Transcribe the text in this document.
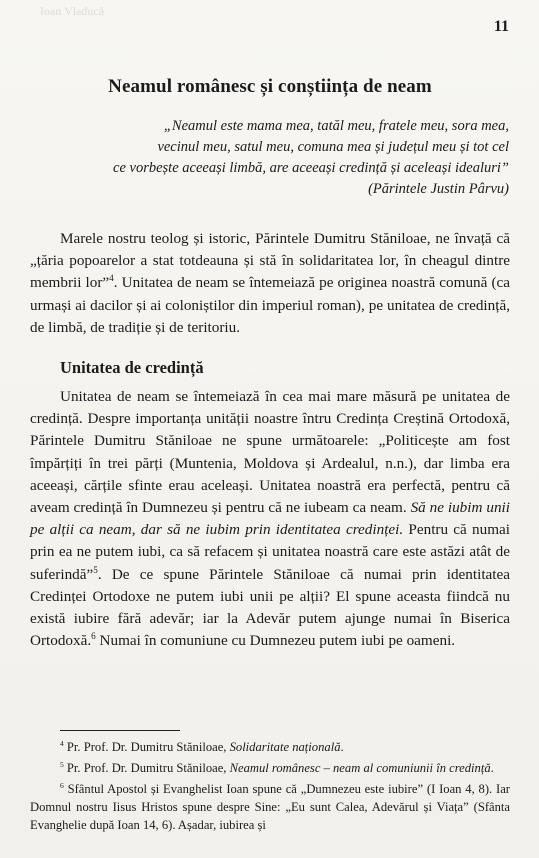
Ioan Vladucă
11
Neamul românesc și conștiința de neam
„Neamul este mama mea, tatăl meu, fratele meu, sora mea,
vecinul meu, satul meu, comuna mea și județul meu și tot cel
ce vorbește aceeași limbă, are aceeași credință și aceleași idealuri”
(Părintele Justin Pârvu)

Marele nostru teolog și istoric, Părintele Dumitru Stăniloae, ne învață că „țăria popoarelor a stat totdeauna și stă în solidaritatea lor, în cheagul dintre membrii lor”$^4$. Unitatea de neam se întemeiază pe originea noastră comună (ca urmași ai dacilor și ai coloniștilor din imperiul roman), pe unitatea de credință, de limbă, de tradiție și de teritoriu.

Unitatea de credință

Unitatea de neam se întemeiază în cea mai mare măsură pe unitatea de credință. Despre importanța unității noastre întru Credința Creștină Ortodoxă, Părintele Dumitru Stăniloae ne spune următoarele: „Politicește am fost împărțiți în trei părți (Muntenia, Moldova și Ardealul, n.n.), dar limba era aceeași, cărțile sfinte erau aceleași. Unitatea noastră era perfectă, pentru că aveam credință în Dumnezeu și pentru că ne iubeam ca neam. Să ne iubim unii pe alții ca neam, dar să ne iubim prin identitatea credinței. Pentru că numai prin ea ne putem iubi, ca să refacem și unitatea noastră care este astăzi atât de suferindă”$^5$. De ce spune Părintele Stăniloae că numai prin identitatea Credinței Ortodoxe ne putem iubi unii pe alții? El spune aceasta fiindcă nu există iubire fără adevăr; iar la Adevăr putem ajunge numai în Biserica Ortodoxă.$^6$ Numai în comuniune cu Dumnezeu putem iubi pe oameni.

$^4$ Pr. Prof. Dr. Dumitru Stăniloae, Solidaritate națională.

$^5$ Pr. Prof. Dr. Dumitru Stăniloae, Neamul românesc – neam al comuniunii în credință.

$^6$ Sfântul Apostol și Evanghelist Ioan spune că „Dumnezeu este iubire” (I Ioan 4, 8). Iar Domnul nostru Iisus Hristos spune despre Sine: „Eu sunt Calea, Adevărul și Viața” (Sfânta Evanghelie după Ioan 14, 6). Așadar, iubirea și
